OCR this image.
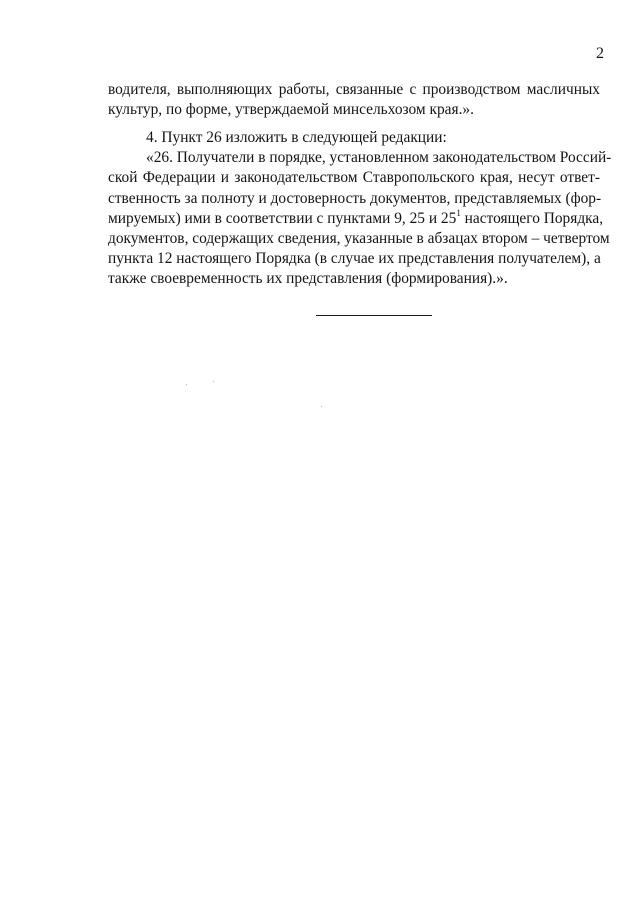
2
водителя, выполняющих работы, связанные с производством масличных
культур, по форме, утверждаемой минсельхозом края.».
4. Пункт 26 изложить в следующей редакции:
«26. Получатели в порядке, установленном законодательством Россий-
ской Федерации и законодательством Ставропольского края, несут ответ-
ственность за полноту и достоверность документов, представляемых (фор-
мируемых) ими в соответствии с пунктами 9, 25 и $25^1$ настоящего Порядка,
документов, содержащих сведения, указанные в абзацах втором – четвертом
пункта 12 настоящего Порядка (в случае их представления получателем), а
также своевременность их представления (формирования).».
